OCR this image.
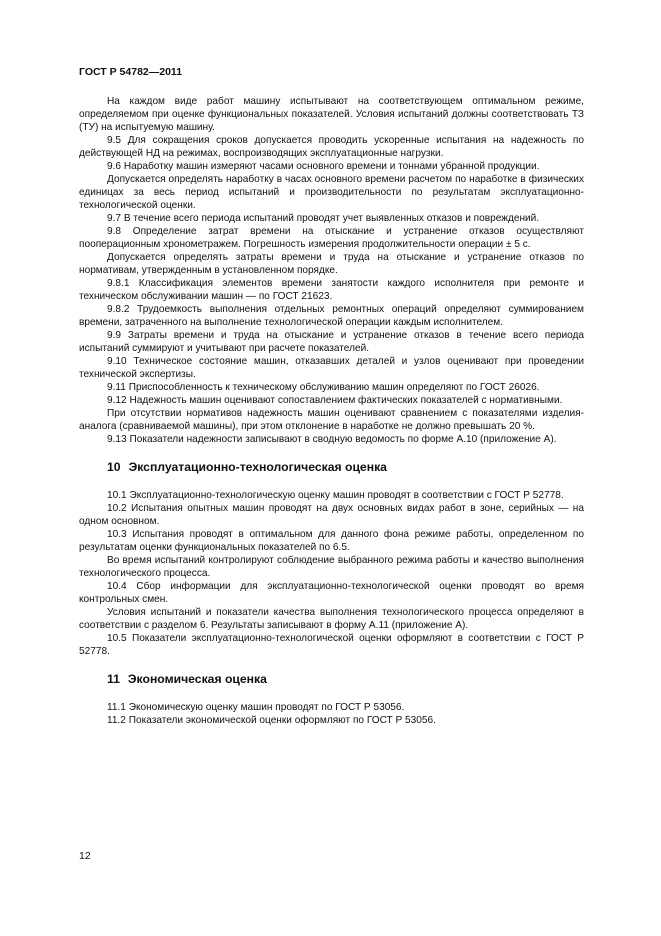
ГОСТ Р 54782—2011

На каждом виде работ машину испытывают на соответствующем оптимальном режиме, определяемом при оценке функциональных показателей. Условия испытаний должны соответствовать ТЗ (ТУ) на испытуемую машину.

9.5 Для сокращения сроков допускается проводить ускоренные испытания на надежность по действующей НД на режимах, воспроизводящих эксплуатационные нагрузки.

9.6 Наработку машин измеряют часами основного времени и тоннами убранной продукции.

Допускается определять наработку в часах основного времени расчетом по наработке в физических единицах за весь период испытаний и производительности по результатам эксплуатационно-технологической оценки.

9.7 В течение всего периода испытаний проводят учет выявленных отказов и повреждений.

9.8 Определение затрат времени на отыскание и устранение отказов осуществляют пооперационным хронометражем. Погрешность измерения продолжительности операции ± 5 с.

Допускается определять затраты времени и труда на отыскание и устранение отказов по нормативам, утвержденным в установленном порядке.

9.8.1 Классификация элементов времени занятости каждого исполнителя при ремонте и техническом обслуживании машин — по ГОСТ 21623.

9.8.2 Трудоемкость выполнения отдельных ремонтных операций определяют суммированием времени, затраченного на выполнение технологической операции каждым исполнителем.

9.9 Затраты времени и труда на отыскание и устранение отказов в течение всего периода испытаний суммируют и учитывают при расчете показателей.

9.10 Техническое состояние машин, отказавших деталей и узлов оценивают при проведении технической экспертизы.

9.11 Приспособленность к техническому обслуживанию машин определяют по ГОСТ 26026.

9.12 Надежность машин оценивают сопоставлением фактических показателей с нормативными.

При отсутствии нормативов надежность машин оценивают сравнением с показателями изделия-аналога (сравниваемой машины), при этом отклонение в наработке не должно превышать 20 %.

9.13 Показатели надежности записывают в сводную ведомость по форме А.10 (приложение А).

10 Эксплуатационно-технологическая оценка

10.1 Эксплуатационно-технологическую оценку машин проводят в соответствии с ГОСТ Р 52778.

10.2 Испытания опытных машин проводят на двух основных видах работ в зоне, серийных — на одном основном.

10.3 Испытания проводят в оптимальном для данного фона режиме работы, определенном по результатам оценки функциональных показателей по 6.5.

Во время испытаний контролируют соблюдение выбранного режима работы и качество выполнения технологического процесса.

10.4 Сбор информации для эксплуатационно-технологической оценки проводят во время контрольных смен.

Условия испытаний и показатели качества выполнения технологического процесса определяют в соответствии с разделом 6. Результаты записывают в форму А.11 (приложение А).

10.5 Показатели эксплуатационно-технологической оценки оформляют в соответствии с ГОСТ Р 52778.

11 Экономическая оценка

11.1 Экономическую оценку машин проводят по ГОСТ Р 53056.

11.2 Показатели экономической оценки оформляют по ГОСТ Р 53056.

12
